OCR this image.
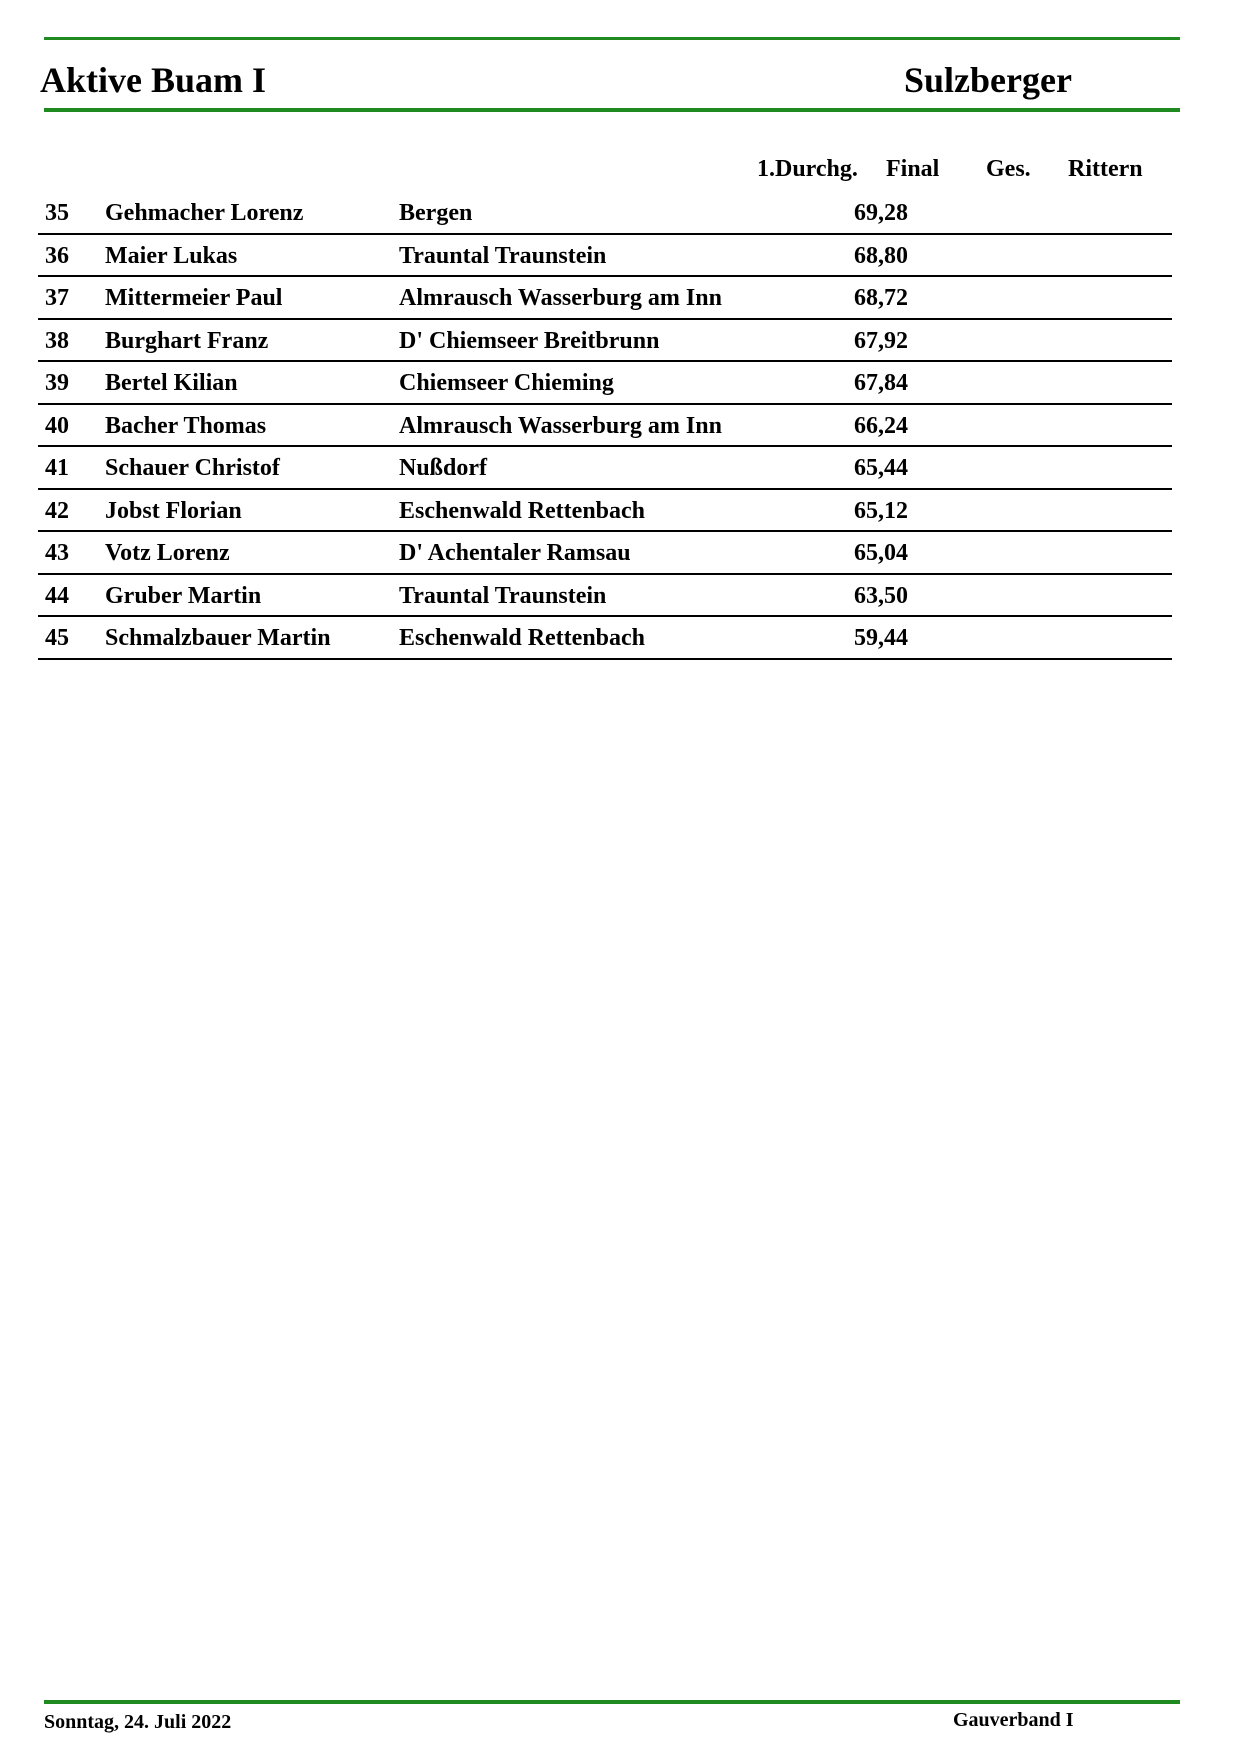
Aktive Buam I	Sulzberger
1.Durchg. Final Ges. Rittern
35 Gehmacher Lorenz	Bergen	69,28
36 Maier Lukas	Trauntal Traunstein	68,80
37 Mittermeier Paul	Almrausch Wasserburg am Inn	68,72
38 Burghart Franz	D' Chiemseer Breitbrunn	67,92
39 Bertel Kilian	Chiemseer Chieming	67,84
40 Bacher Thomas	Almrausch Wasserburg am Inn	66,24
41 Schauer Christof	Nußdorf	65,44
42 Jobst Florian	Eschenwald Rettenbach	65,12
43 Votz Lorenz	D' Achentaler Ramsau	65,04
44 Gruber Martin	Trauntal Traunstein	63,50
45 Schmalzbauer Martin	Eschenwald Rettenbach	59,44
Sonntag, 24. Juli 2022	Gauverband I
